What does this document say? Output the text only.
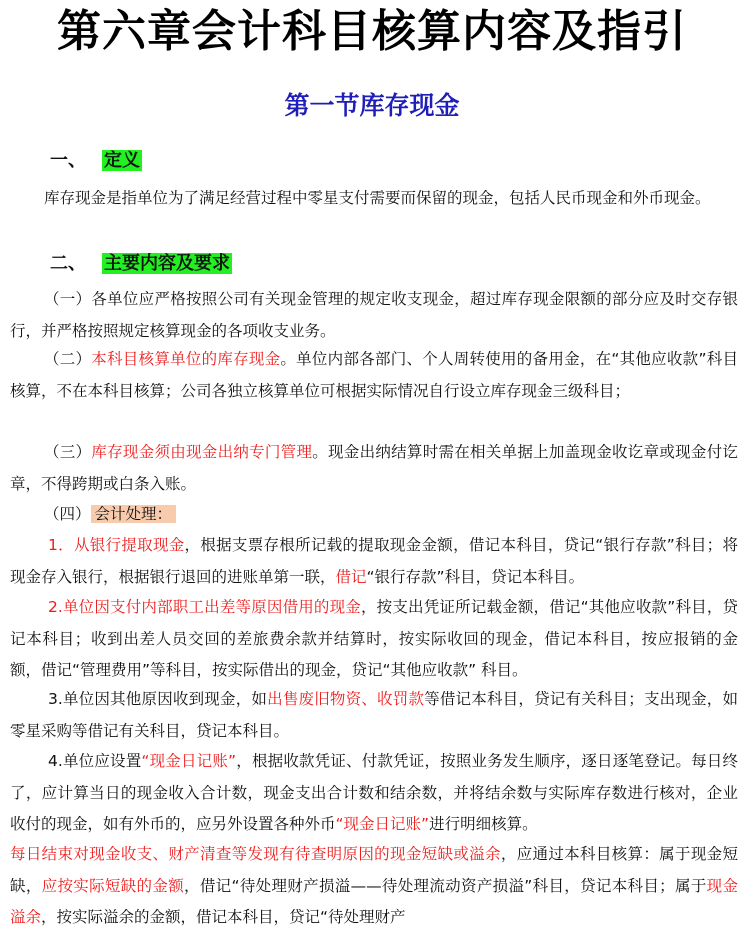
第六章会计科目核算内容及指引
第一节库存现金
一、 定义
库存现金是指单位为了满足经营过程中零星支付需要而保留的现金，包括人民币现金和外币现金。
二、 主要内容及要求
（一）各单位应严格按照公司有关现金管理的规定收支现金，超过库存现金限额的部分应及时交存银行，并严格按照规定核算现金的各项收支业务。
（二）本科目核算单位的库存现金。单位内部各部门、个人周转使用的备用金，在“其他应收款”科目核算，不在本科目核算；公司各独立核算单位可根据实际情况自行设立库存现金三级科目；
（三）库存现金须由现金出纳专门管理。现金出纳结算时需在相关单据上加盖现金收讫章或现金付讫章，不得跨期或白条入账。
（四） 会计处理：
1．从银行提取现金，根据支票存根所记载的提取现金金额，借记本科目，贷记“银行存款”科目；将现金存入银行，根据银行退回的进账单第一联，借记“银行存款”科目，贷记本科目。
2.单位因支付内部职工出差等原因借用的现金，按支出凭证所记载金额，借记“其他应收款”科目，贷记本科目；收到出差人员交回的差旅费余款并结算时，按实际收回的现金，借记本科目，按应报销的金额，借记“管理费用”等科目，按实际借出的现金，贷记“其他应收款” 科目。
3.单位因其他原因收到现金，如出售废旧物资、收罚款等借记本科目，贷记有关科目；支出现金，如零星采购等借记有关科目，贷记本科目。
4.单位应设置“现金日记账”，根据收款凭证、付款凭证，按照业务发生顺序，逐日逐笔登记。每日终了，应计算当日的现金收入合计数，现金支出合计数和结余数，并将结余数与实际库存数进行核对，企业收付的现金，如有外币的，应另外设置各种外币“现金日记账”进行明细核算。
每日结束对现金收支、财产清查等发现有待查明原因的现金短缺或溢余，应通过本科目核算：属于现金短缺，应按实际短缺的金额，借记“待处理财产损溢——待处理流动资产损溢”科目，贷记本科目；属于现金溢余，按实际溢余的金额，借记本科目，贷记“待处理财产
